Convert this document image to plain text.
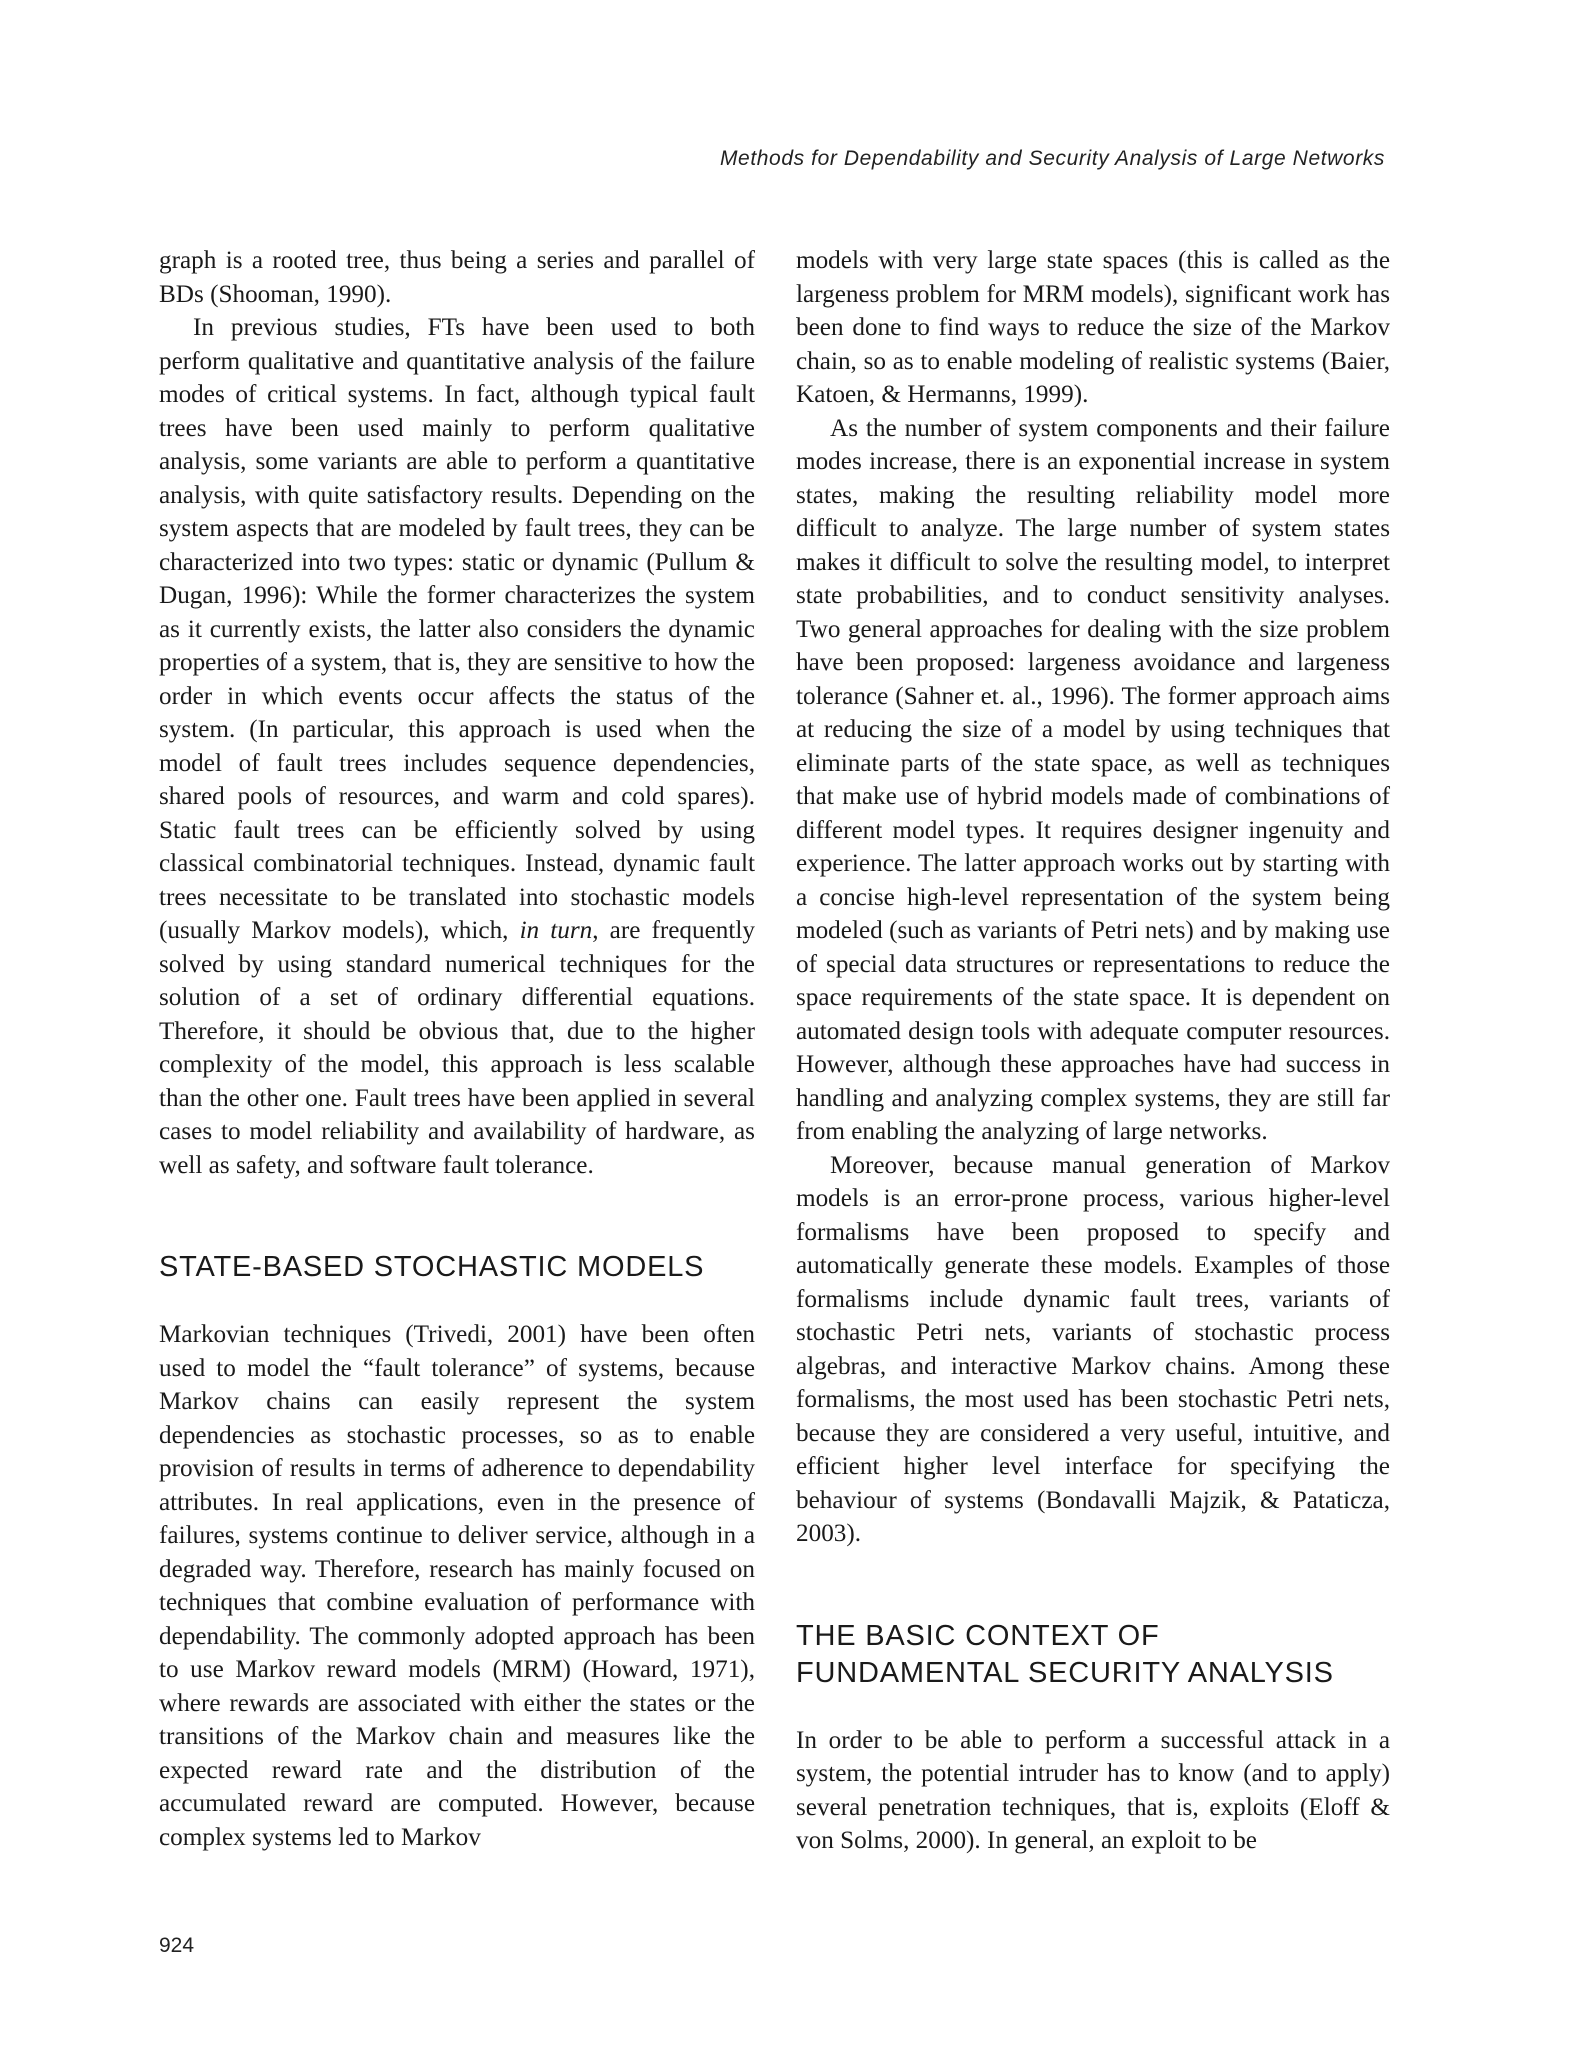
Methods for Dependability and Security Analysis of Large Networks

graph is a rooted tree, thus being a series and parallel of BDs (Shooman, 1990).

In previous studies, FTs have been used to both perform qualitative and quantitative analysis of the failure modes of critical systems. In fact, although typical fault trees have been used mainly to perform qualitative analysis, some variants are able to perform a quantitative analysis, with quite satisfactory results. Depending on the system aspects that are modeled by fault trees, they can be characterized into two types: static or dynamic (Pullum & Dugan, 1996): While the former characterizes the system as it currently exists, the latter also considers the dynamic properties of a system, that is, they are sensitive to how the order in which events occur affects the status of the system. (In particular, this approach is used when the model of fault trees includes sequence dependencies, shared pools of resources, and warm and cold spares). Static fault trees can be efficiently solved by using classical combinatorial techniques. Instead, dynamic fault trees necessitate to be translated into stochastic models (usually Markov models), which, in turn, are frequently solved by using standard numerical techniques for the solution of a set of ordinary differential equations. Therefore, it should be obvious that, due to the higher complexity of the model, this approach is less scalable than the other one. Fault trees have been applied in several cases to model reliability and availability of hardware, as well as safety, and software fault tolerance.

STATE-BASED STOCHASTIC MODELS

Markovian techniques (Trivedi, 2001) have been often used to model the “fault tolerance” of systems, because Markov chains can easily represent the system dependencies as stochastic processes, so as to enable provision of results in terms of adherence to dependability attributes. In real applications, even in the presence of failures, systems continue to deliver service, although in a degraded way. Therefore, research has mainly focused on techniques that combine evaluation of performance with dependability. The commonly adopted approach has been to use Markov reward models (MRM) (Howard, 1971), where rewards are associated with either the states or the transitions of the Markov chain and measures like the expected reward rate and the distribution of the accumulated reward are computed. However, because complex systems led to Markov

models with very large state spaces (this is called as the largeness problem for MRM models), significant work has been done to find ways to reduce the size of the Markov chain, so as to enable modeling of realistic systems (Baier, Katoen, & Hermanns, 1999).

As the number of system components and their failure modes increase, there is an exponential increase in system states, making the resulting reliability model more difficult to analyze. The large number of system states makes it difficult to solve the resulting model, to interpret state probabilities, and to conduct sensitivity analyses. Two general approaches for dealing with the size problem have been proposed: largeness avoidance and largeness tolerance (Sahner et. al., 1996). The former approach aims at reducing the size of a model by using techniques that eliminate parts of the state space, as well as techniques that make use of hybrid models made of combinations of different model types. It requires designer ingenuity and experience. The latter approach works out by starting with a concise high-level representation of the system being modeled (such as variants of Petri nets) and by making use of special data structures or representations to reduce the space requirements of the state space. It is dependent on automated design tools with adequate computer resources. However, although these approaches have had success in handling and analyzing complex systems, they are still far from enabling the analyzing of large networks.

Moreover, because manual generation of Markov models is an error-prone process, various higher-level formalisms have been proposed to specify and automatically generate these models. Examples of those formalisms include dynamic fault trees, variants of stochastic Petri nets, variants of stochastic process algebras, and interactive Markov chains. Among these formalisms, the most used has been stochastic Petri nets, because they are considered a very useful, intuitive, and efficient higher level interface for specifying the behaviour of systems (Bondavalli Majzik, & Pataticza, 2003).

THE BASIC CONTEXT OF
FUNDAMENTAL SECURITY ANALYSIS

In order to be able to perform a successful attack in a system, the potential intruder has to know (and to apply) several penetration techniques, that is, exploits (Eloff & von Solms, 2000). In general, an exploit to be

924
